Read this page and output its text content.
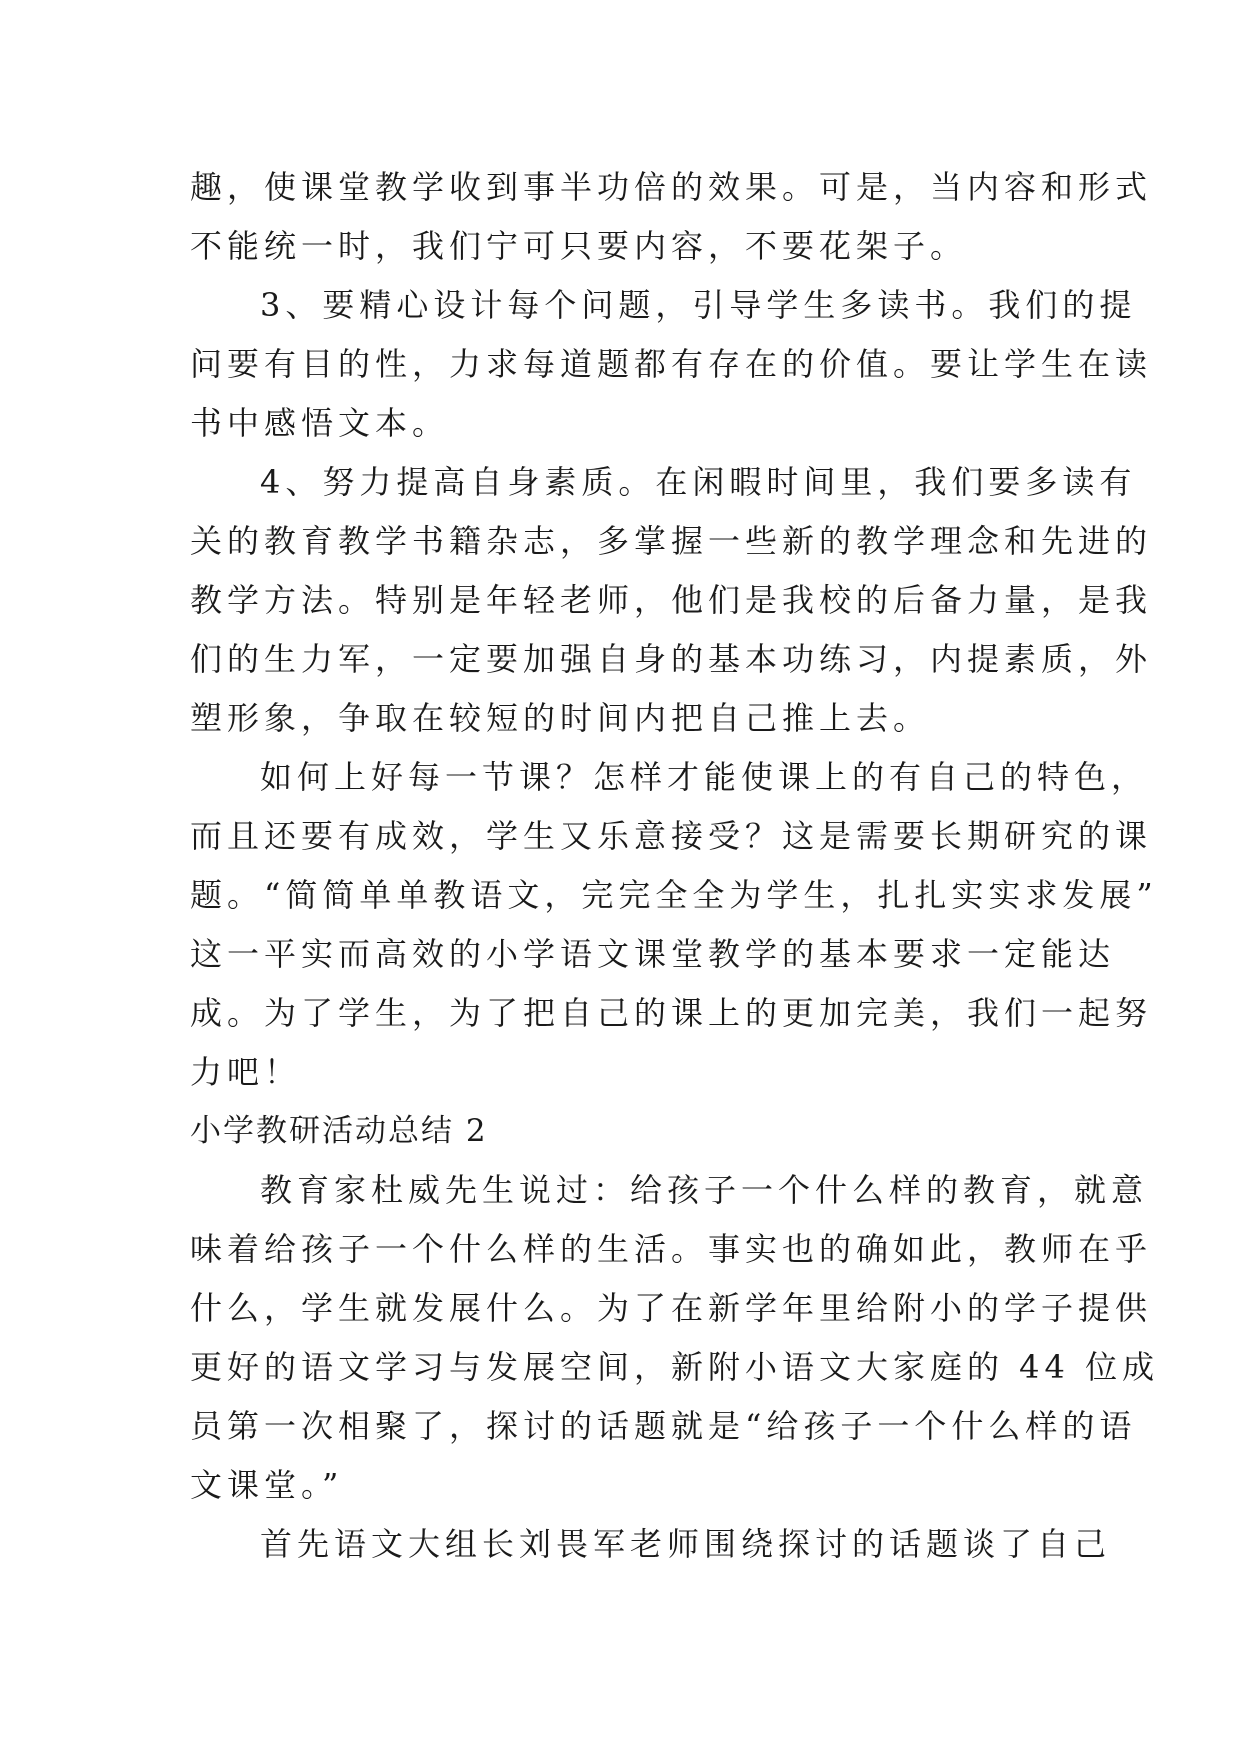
趣，使课堂教学收到事半功倍的效果。可是，当内容和形式
不能统一时，我们宁可只要内容，不要花架子。
3、要精心设计每个问题，引导学生多读书。我们的提
问要有目的性，力求每道题都有存在的价值。要让学生在读
书中感悟文本。
4、努力提高自身素质。在闲暇时间里，我们要多读有
关的教育教学书籍杂志，多掌握一些新的教学理念和先进的
教学方法。特别是年轻老师，他们是我校的后备力量，是我
们的生力军，一定要加强自身的基本功练习，内提素质，外
塑形象，争取在较短的时间内把自己推上去。
如何上好每一节课？怎样才能使课上的有自己的特色，
而且还要有成效，学生又乐意接受？这是需要长期研究的课
题。“简简单单教语文，完完全全为学生，扎扎实实求发展”
这一平实而高效的小学语文课堂教学的基本要求一定能达
成。为了学生，为了把自己的课上的更加完美，我们一起努
力吧！
小学教研活动总结 2
教育家杜威先生说过：给孩子一个什么样的教育，就意
味着给孩子一个什么样的生活。事实也的确如此，教师在乎
什么，学生就发展什么。为了在新学年里给附小的学子提供
更好的语文学习与发展空间，新附小语文大家庭的 44 位成
员第一次相聚了，探讨的话题就是“给孩子一个什么样的语
文课堂。”
首先语文大组长刘畏军老师围绕探讨的话题谈了自己
